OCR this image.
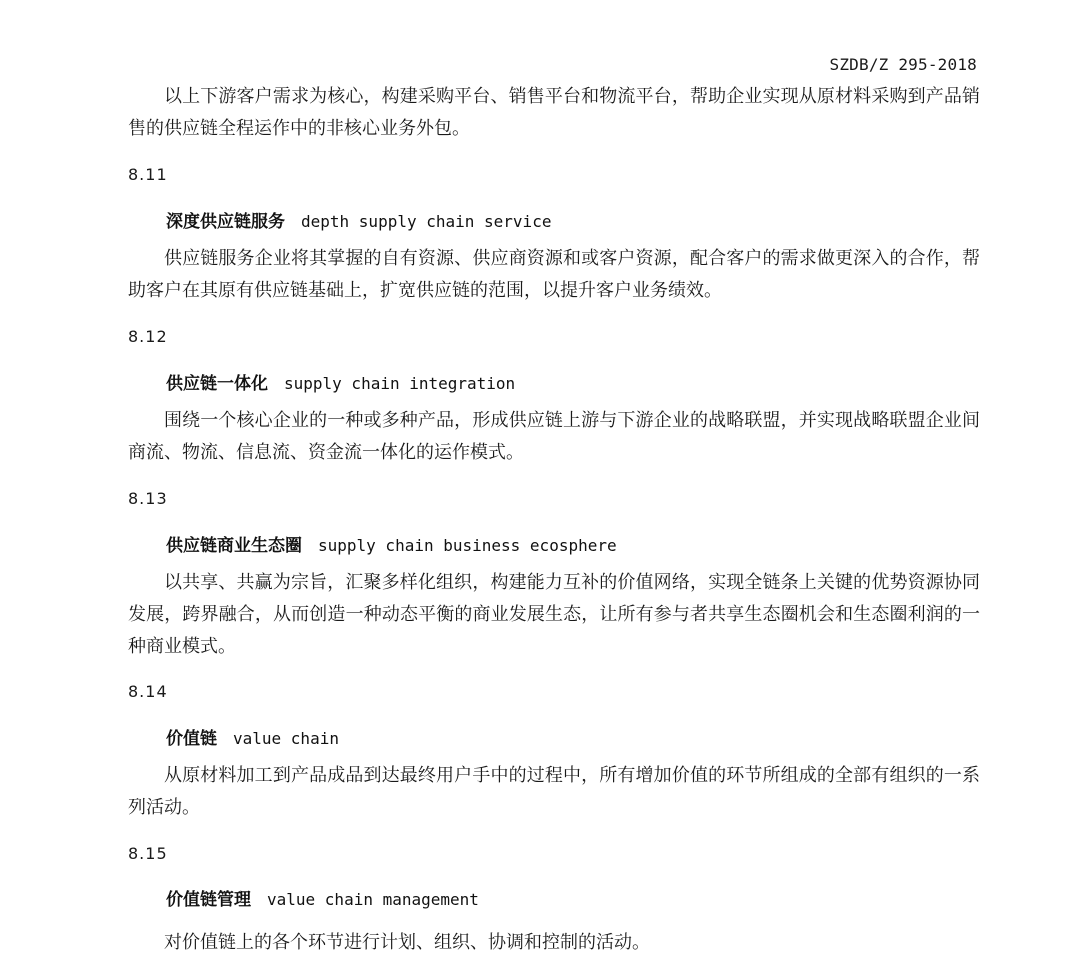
SZDB/Z 295-2018

以上下游客户需求为核心，构建采购平台、销售平台和物流平台，帮助企业实现从原材料采购到产品销售的供应链全程运作中的非核心业务外包。

8.11
深度供应链服务 depth supply chain service

供应链服务企业将其掌握的自有资源、供应商资源和或客户资源，配合客户的需求做更深入的合作，帮助客户在其原有供应链基础上，扩宽供应链的范围，以提升客户业务绩效。

8.12
供应链一体化 supply chain integration

围绕一个核心企业的一种或多种产品，形成供应链上游与下游企业的战略联盟，并实现战略联盟企业间商流、物流、信息流、资金流一体化的运作模式。

8.13
供应链商业生态圈 supply chain business ecosphere

以共享、共赢为宗旨，汇聚多样化组织，构建能力互补的价值网络，实现全链条上关键的优势资源协同发展，跨界融合，从而创造一种动态平衡的商业发展生态，让所有参与者共享生态圈机会和生态圈利润的一种商业模式。

8.14
价值链 value chain

从原材料加工到产品成品到达最终用户手中的过程中，所有增加价值的环节所组成的全部有组织的一系列活动。

8.15
价值链管理 value chain management

对价值链上的各个环节进行计划、组织、协调和控制的活动。
